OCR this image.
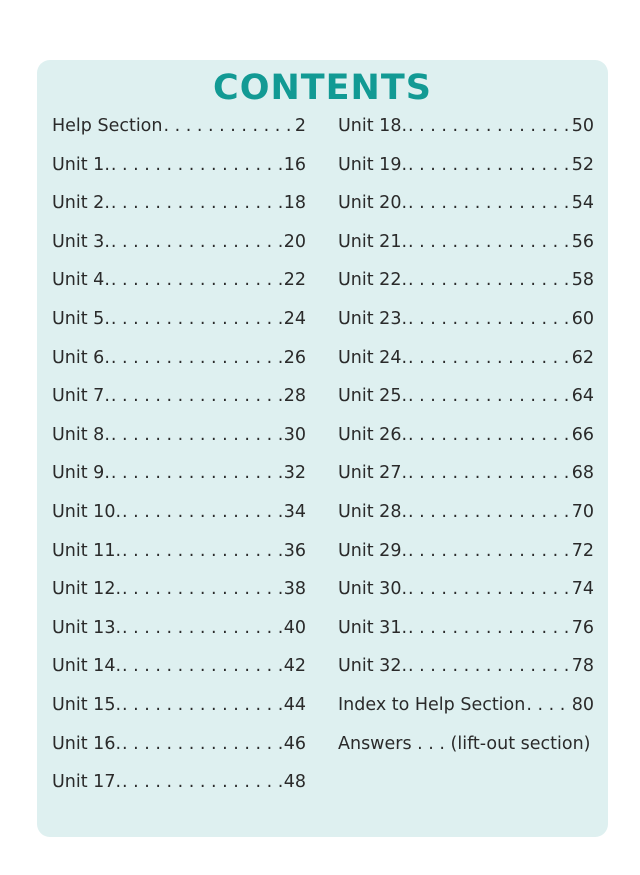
CONTENTS
Help Section . . .	2
Unit 1. . . .	16
Unit 2. . . .	18
Unit 3. . . .	20
Unit 4. . . .	22
Unit 5. . . .	24
Unit 6. . . .	26
Unit 7. . . .	28
Unit 8. . . .	30
Unit 9. . . .	32
Unit 10. . . .	34
Unit 11. . . .	36
Unit 12. . . .	38
Unit 13. . . .	40
Unit 14. . . .	42
Unit 15. . . .	44
Unit 16. . . .	46
Unit 17. . . .	48
Unit 18. . . .	50
Unit 19. . . .	52
Unit 20. . . .	54
Unit 21. . . .	56
Unit 22. . . .	58
Unit 23. . . .	60
Unit 24. . . .	62
Unit 25. . . .	64
Unit 26. . . .	66
Unit 27. . . .	68
Unit 28. . . .	70
Unit 29. . . .	72
Unit 30. . . .	74
Unit 31. . . .	76
Unit 32. . . .	78
Index to Help Section . . .	80
Answers . . . (lift-out section)
